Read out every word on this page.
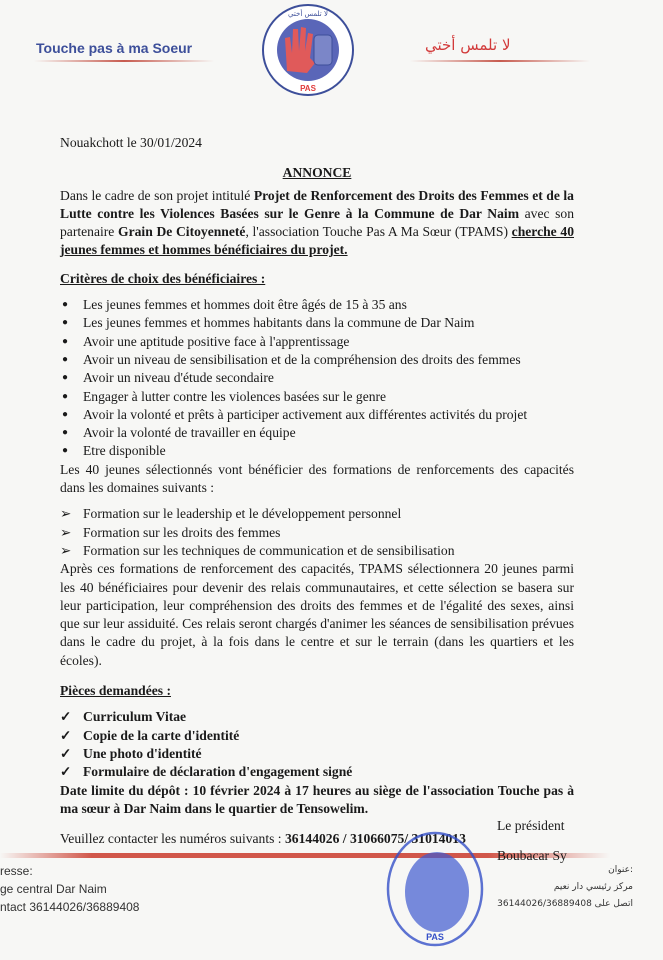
Touche pas à ma Soeur
PAS
لا تلمس أختي
لا تلمس أختي

Nouakchott le 30/01/2024

ANNONCE

Dans le cadre de son projet intitulé Projet de Renforcement des Droits des Femmes et de la Lutte contre les Violences Basées sur le Genre à la Commune de Dar Naim avec son partenaire Grain De Citoyenneté, l'association Touche Pas A Ma Sœur (TPAMS) cherche 40 jeunes femmes et hommes bénéficiaires du projet.

Critères de choix des bénéficiaires :

● Les jeunes femmes et hommes doit être âgés de 15 à 35 ans
● Les jeunes femmes et hommes habitants dans la commune de Dar Naim
● Avoir une aptitude positive face à l'apprentissage
● Avoir un niveau de sensibilisation et de la compréhension des droits des femmes
● Avoir un niveau d'étude secondaire
● Engager à lutter contre les violences basées sur le genre
● Avoir la volonté et prêts à participer activement aux différentes activités du projet
● Avoir la volonté de travailler en équipe
● Etre disponible

Les 40 jeunes sélectionnés vont bénéficier des formations de renforcements des capacités dans les domaines suivants :

➢ Formation sur le leadership et le développement personnel
➢ Formation sur les droits des femmes
➢ Formation sur les techniques de communication et de sensibilisation

Après ces formations de renforcement des capacités, TPAMS sélectionnera 20 jeunes parmi les 40 bénéficiaires pour devenir des relais communautaires, et cette sélection se basera sur leur participation, leur compréhension des droits des femmes et de l'égalité des sexes, ainsi que sur leur assiduité. Ces relais seront chargés d'animer les séances de sensibilisation prévues dans le cadre du projet, à la fois dans le centre et sur le terrain (dans les quartiers et les écoles).

Pièces demandées :

✓ Curriculum Vitae
✓ Copie de la carte d'identité
✓ Une photo d'identité
✓ Formulaire de déclaration d'engagement signé

Date limite du dépôt : 10 février 2024 à 17 heures au siège de l'association Touche pas à ma sœur à Dar Naim dans le quartier de Tensowelim.

Veuillez contacter les numéros suivants : 36144026 / 31066075/ 31014013

Le président
Boubacar Sy
PAS
resse:
ge central Dar Naim
ntact 36144026/36889408
عنوان:
مركز رئيسي دار نعيم
اتصل على 36144026/36889408
